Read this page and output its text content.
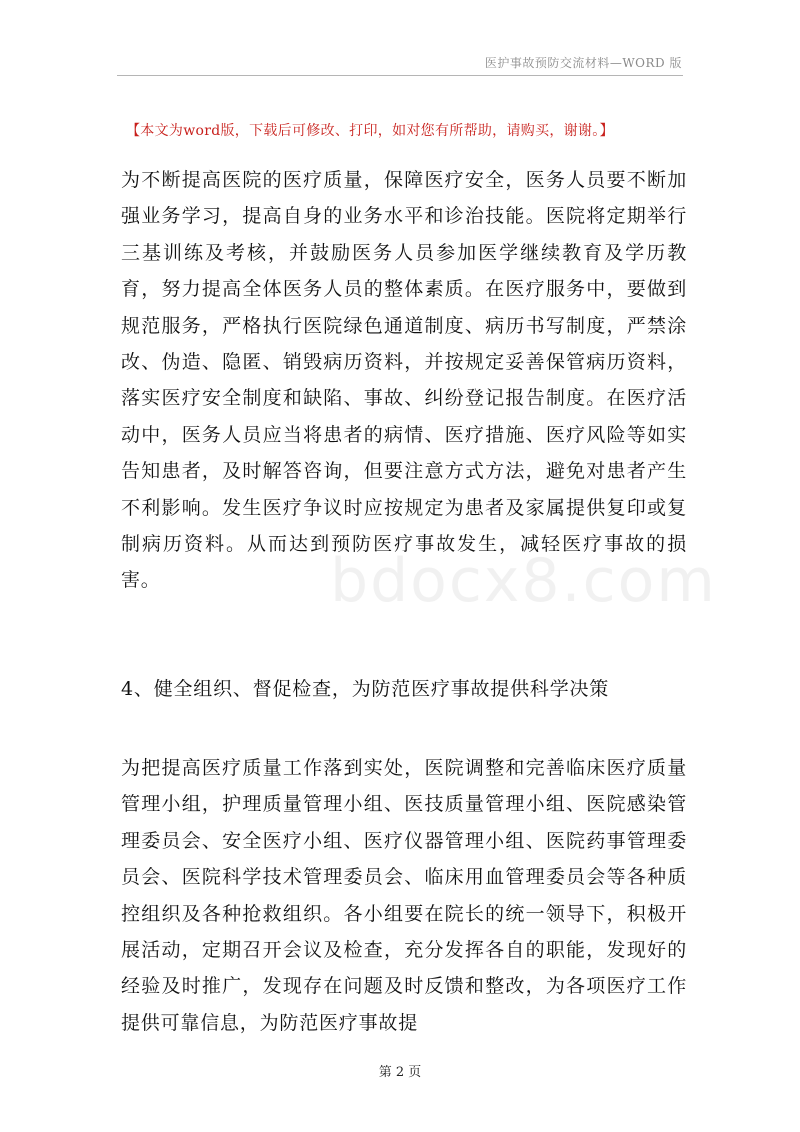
医护事故预防交流材料—WORD 版
【本文为word版，下载后可修改、打印，如对您有所帮助，请购买，谢谢。】

为不断提高医院的医疗质量，保障医疗安全，医务人员要不断加强业务学习，提高自身的业务水平和诊治技能。医院将定期举行三基训练及考核，并鼓励医务人员参加医学继续教育及学历教育，努力提高全体医务人员的整体素质。在医疗服务中，要做到规范服务，严格执行医院绿色通道制度、病历书写制度，严禁涂改、伪造、隐匿、销毁病历资料，并按规定妥善保管病历资料，落实医疗安全制度和缺陷、事故、纠纷登记报告制度。在医疗活动中，医务人员应当将患者的病情、医疗措施、医疗风险等如实告知患者，及时解答咨询，但要注意方式方法，避免对患者产生不利影响。发生医疗争议时应按规定为患者及家属提供复印或复制病历资料。从而达到预防医疗事故发生，减轻医疗事故的损害。	bdocx8.com
4、健全组织、督促检查，为防范医疗事故提供科学决策

为把提高医疗质量工作落到实处，医院调整和完善临床医疗质量管理小组，护理质量管理小组、医技质量管理小组、医院感染管理委员会、安全医疗小组、医疗仪器管理小组、医院药事管理委员会、医院科学技术管理委员会、临床用血管理委员会等各种质控组织及各种抢救组织。各小组要在院长的统一领导下，积极开展活动，定期召开会议及检查，充分发挥各自的职能，发现好的经验及时推广，发现存在问题及时反馈和整改，为各项医疗工作提供可靠信息，为防范医疗事故提

第 2 页
